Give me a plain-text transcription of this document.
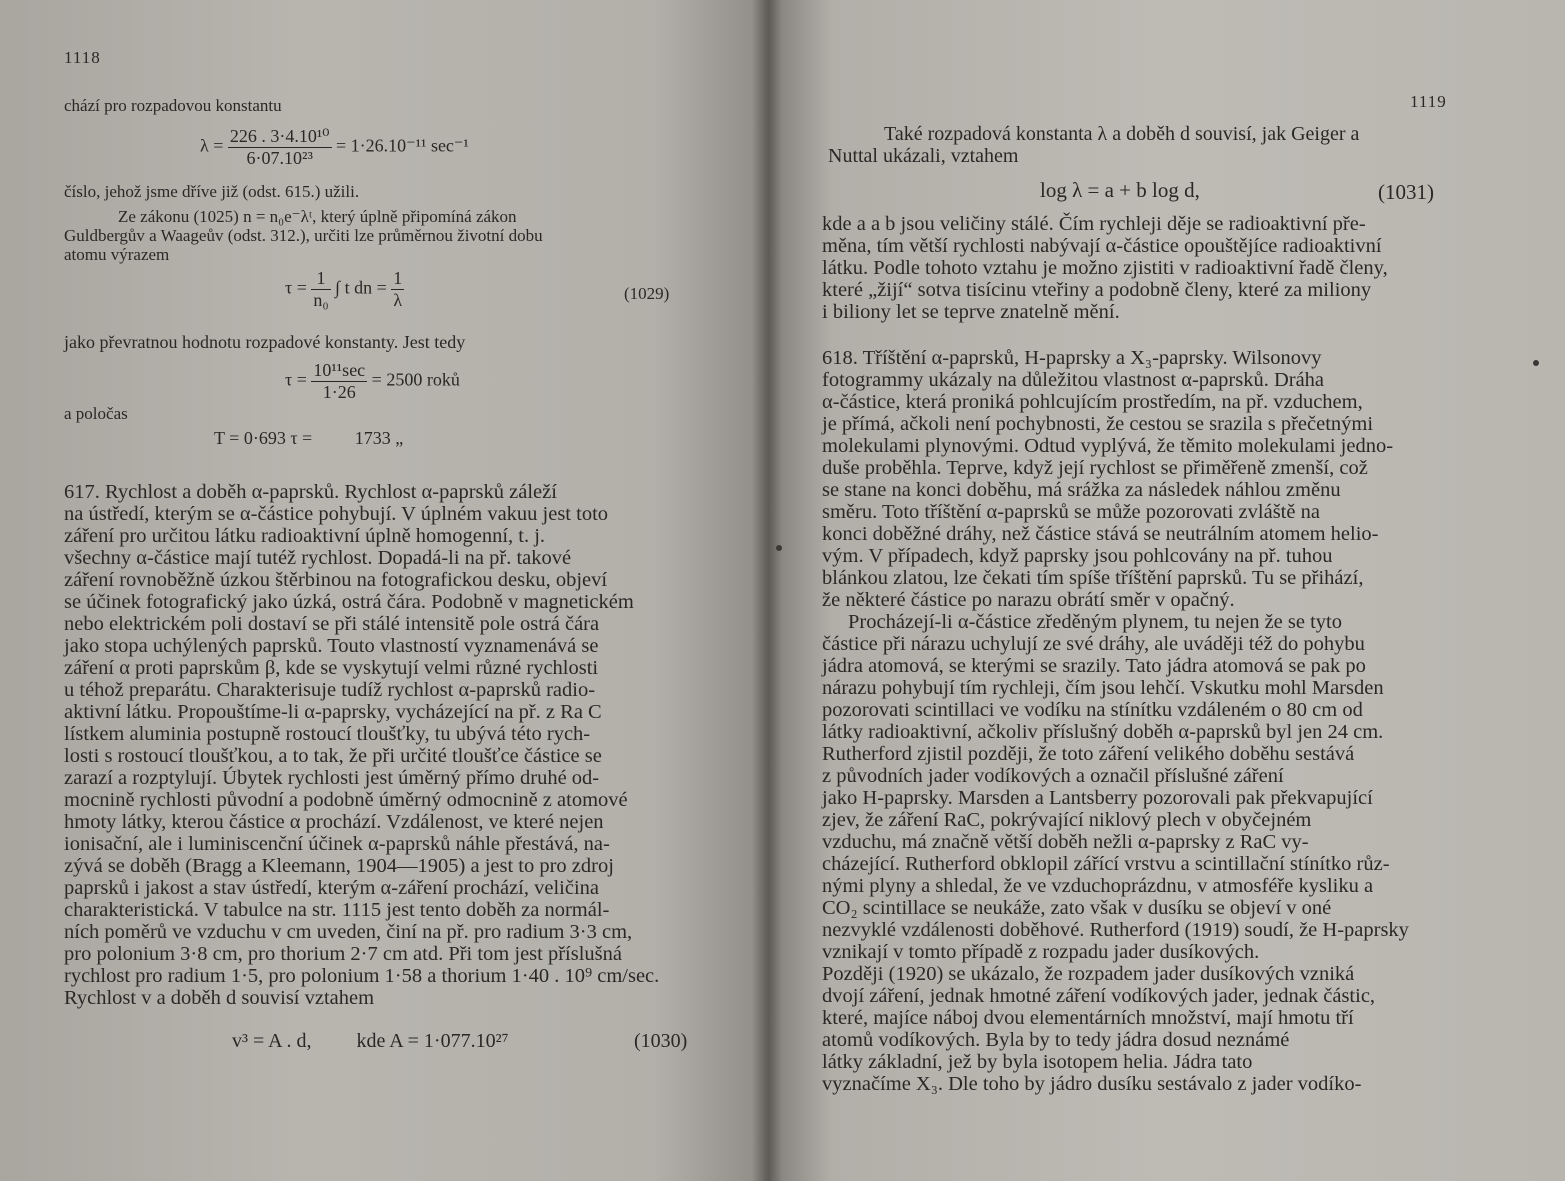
1118
chází pro rozpadovou konstantu
$\lambda = \frac{\text{226 . 3·4.10¹⁰}}{\text{6·07.10²³}} = 1\cdot 26.10^{-11}$ sec⁻¹
číslo, jehož jsme dříve již (odst. 615.) užili.
Ze zákonu (1025) n = n₀e⁻λᵗ, který úplně připomíná zákon
Guldbergův a Waageův (odst. 312.), určiti lze průměrnou životní dobu
atomu výrazem
$\tau = \frac{1}{\text{n₀}}$ ∫ t dn = $\frac{1}{\lambda}$	(1029)
jako převratnou hodnotu rozpadové konstanty. Jest tedy
$\tau = \frac{\text{10¹¹sec}}{1\cdot 26} = 2500$ roků
a poločas
T = 0·693 τ = 1733 „
617. Rychlost a doběh α-paprsků. Rychlost α-paprsků záleží
na ústředí, kterým se α-částice pohybují. V úplném vakuu jest toto
záření pro určitou látku radioaktivní úplně homogenní, t. j.
všechny α-částice mají tutéž rychlost. Dopadá-li na př. takové
záření rovnoběžně úzkou štěrbinou na fotografickou desku, objeví
se účinek fotografický jako úzká, ostrá čára. Podobně v magnetickém
nebo elektrickém poli dostaví se při stálé intensitě pole ostrá čára
jako stopa uchýlených paprsků. Touto vlastností vyznamenává se
záření α proti paprskům β, kde se vyskytují velmi různé rychlosti
u téhož preparátu. Charakterisuje tudíž rychlost α-paprsků radio-
aktivní látku. Propouštíme-li α-paprsky, vycházející na př. z Ra C
lístkem aluminia postupně rostoucí tloušťky, tu ubývá této rych-
losti s rostoucí tloušťkou, a to tak, že při určité tloušťce částice se
zarazí a rozptylují. Úbytek rychlosti jest úměrný přímo druhé od-
mocnině rychlosti původní a podobně úměrný odmocnině z atomové
hmoty látky, kterou částice α prochází. Vzdálenost, ve které nejen
ionisační, ale i luminiscenční účinek α-paprsků náhle přestává, na-
zývá se doběh (Bragg a Kleemann, 1904—1905) a jest to pro zdroj
paprsků i jakost a stav ústředí, kterým α-záření prochází, veličina
charakteristická. V tabulce na str. 1115 jest tento doběh za normál-
ních poměrů ve vzduchu v cm uveden, činí na př. pro radium 3·3 cm,
pro polonium 3·8 cm, pro thorium 2·7 cm atd. Při tom jest příslušná
rychlost pro radium 1·5, pro polonium 1·58 a thorium 1·40 . 10⁹ cm/sec.
Rychlost v a doběh d souvisí vztahem
v³ = A . d, kde A = 1·077.10²⁷	(1030)
1119
Také rozpadová konstanta λ a doběh d souvisí, jak Geiger a
Nuttal ukázali, vztahem
log λ = a + b log d,	(1031)
kde a a b jsou veličiny stálé. Čím rychleji děje se radioaktivní pře-
měna, tím větší rychlosti nabývají α-částice opouštějíce radioaktivní
látku. Podle tohoto vztahu je možno zjistiti v radioaktivní řadě členy,
které „žijí“ sotva tisícinu vteřiny a podobně členy, které za miliony
i biliony let se teprve znatelně mění.
618. Tříštění α-paprsků, H-paprsky a X₃-paprsky. Wilsonovy
fotogrammy ukázaly na důležitou vlastnost α-paprsků. Dráha
α-částice, která proniká pohlcujícím prostředím, na př. vzduchem,
je přímá, ačkoli není pochybnosti, že cestou se srazila s přečetnými
molekulami plynovými. Odtud vyplývá, že těmito molekulami jedno-
duše proběhla. Teprve, když její rychlost se přiměřeně zmenší, což
se stane na konci doběhu, má srážka za následek náhlou změnu
směru. Toto tříštění α-paprsků se může pozorovati zvláště na
konci doběžné dráhy, než částice stává se neutrálním atomem helio-
vým. V případech, když paprsky jsou pohlcovány na př. tuhou
blánkou zlatou, lze čekati tím spíše tříštění paprsků. Tu se přihází,
že některé částice po narazu obrátí směr v opačný.
Procházejí-li α-částice zředěným plynem, tu nejen že se tyto
částice při nárazu uchylují ze své dráhy, ale uváději též do pohybu
jádra atomová, se kterými se srazily. Tato jádra atomová se pak po
nárazu pohybují tím rychleji, čím jsou lehčí. Vskutku mohl Marsden
pozorovati scintillaci ve vodíku na stínítku vzdáleném o 80 cm od
látky radioaktivní, ačkoliv příslušný doběh α-paprsků byl jen 24 cm.
Rutherford zjistil později, že toto záření velikého doběhu sestává
z původních jader vodíkových a označil příslušné záření
jako H-paprsky. Marsden a Lantsberry pozorovali pak překvapující
zjev, že záření RaC, pokrývající niklový plech v obyčejném
vzduchu, má značně větší doběh nežli α-paprsky z RaC vy-
cházející. Rutherford obklopil zářící vrstvu a scintillační stínítko růz-
nými plyny a shledal, že ve vzduchoprázdnu, v atmosféře kysliku a
CO₂ scintillace se neukáže, zato však v dusíku se objeví v oné
nezvyklé vzdálenosti doběhové. Rutherford (1919) soudí, že H-paprsky
vznikají v tomto případě z rozpadu jader dusíkových.
Později (1920) se ukázalo, že rozpadem jader dusíkových vzniká
dvojí záření, jednak hmotné záření vodíkových jader, jednak částic,
které, majíce náboj dvou elementárních množství, mají hmotu tří
atomů vodíkových. Byla by to tedy jádra dosud neznámé
látky základní, jež by byla isotopem helia. Jádra tato
vyznačíme X₃. Dle toho by jádro dusíku sestávalo z jader vodíko-
